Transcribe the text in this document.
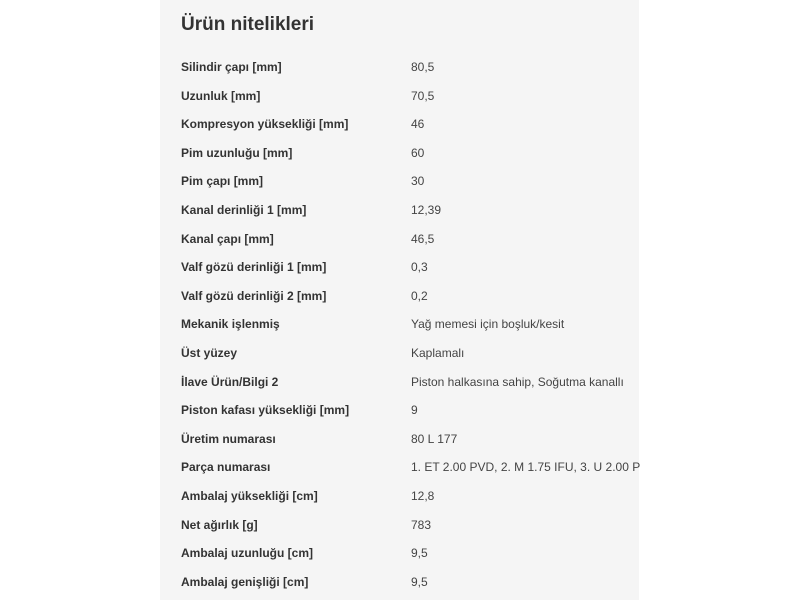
Ürün nitelikleri
Silindir çapı [mm]	80,5
Uzunluk [mm]	70,5
Kompresyon yüksekliği [mm]	46
Pim uzunluğu [mm]	60
Pim çapı [mm]	30
Kanal derinliği 1 [mm]	12,39
Kanal çapı [mm]	46,5
Valf gözü derinliği 1 [mm]	0,3
Valf gözü derinliği 2 [mm]	0,2
Mekanik işlenmiş	Yağ memesi için boşluk/kesit
Üst yüzey	Kaplamalı
İlave Ürün/Bilgi 2	Piston halkasına sahip, Soğutma kanallı
Piston kafası yüksekliği [mm]	9
Üretim numarası	80 L 177
Parça numarası	1. ET 2.00 PVD, 2. M 1.75 IFU, 3. U 2.00 P
Ambalaj yüksekliği [cm]	12,8
Net ağırlık [g]	783
Ambalaj uzunluğu [cm]	9,5
Ambalaj genişliği [cm]	9,5
